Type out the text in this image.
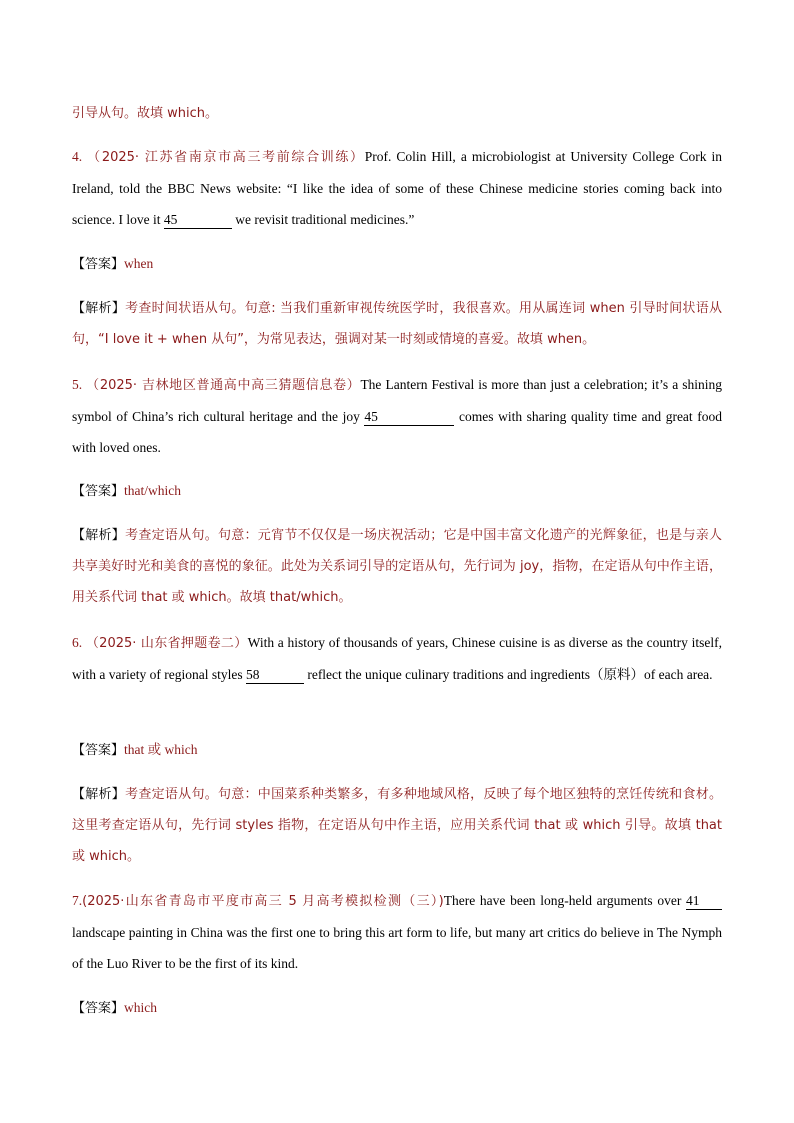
引导从句。故填 which。
4. （2025· 江苏省南京市高三考前综合训练）Prof. Colin Hill, a microbiologist at University College Cork in Ireland, told the BBC News website: “I like the idea of some of these Chinese medicine stories coming back into science. I love it 45	we revisit traditional medicines.”
【答案】when
【解析】考查时间状语从句。句意: 当我们重新审视传统医学时，我很喜欢。用从属连词 when 引导时间状语从句，“I love it + when 从句”，为常见表达，强调对某一时刻或情境的喜爱。故填 when。
5. （2025· 吉林地区普通高中高三猜题信息卷）The Lantern Festival is more than just a celebration; it’s a shining symbol of China’s rich cultural heritage and the joy 45	comes with sharing quality time and great food with loved ones.
【答案】that/which
【解析】考查定语从句。句意：元宵节不仅仅是一场庆祝活动；它是中国丰富文化遗产的光辉象征，也是与亲人共享美好时光和美食的喜悦的象征。此处为关系词引导的定语从句，先行词为 joy，指物，在定语从句中作主语，用关系代词 that 或 which。故填 that/which。
6. （2025· 山东省押题卷二）With a history of thousands of years, Chinese cuisine is as diverse as the country itself, with a variety of regional styles 58	reflect the unique culinary traditions and ingredients（原料）of each area.
【答案】that 或 which
【解析】考查定语从句。句意：中国菜系种类繁多，有多种地域风格，反映了每个地区独特的烹饪传统和食材。这里考查定语从句，先行词 styles 指物，在定语从句中作主语，应用关系代词 that 或 which 引导。故填 that 或 which。
7.(2025·山东省青岛市平度市高三 5 月高考模拟检测（三）)There have been long-held arguments over 41 landscape painting in China was the first one to bring this art form to life, but many art critics do believe in The Nymph of the Luo River to be the first of its kind.
【答案】which
